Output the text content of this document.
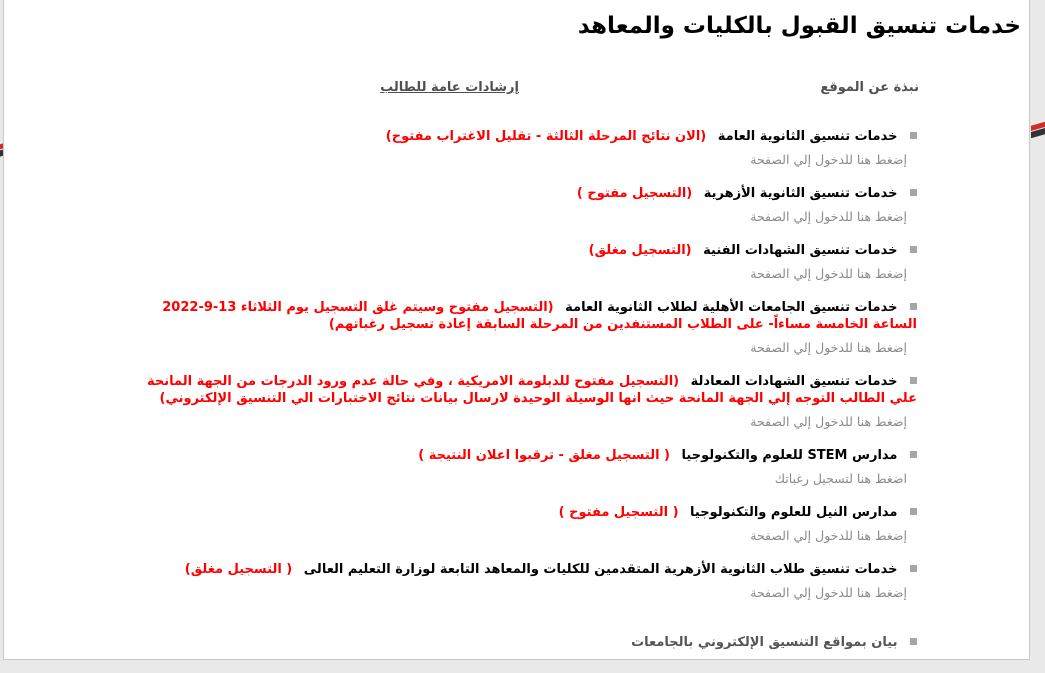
خدمات تنسيق القبول بالكليات والمعاهد
نبذة عن الموقع
إرشادات عامة للطالب
خدمات تنسيق الثانوية العامة (الان نتائج المرحلة الثالثة - تقليل الاغتراب مفتوح)
إضغط هنا للدخول إلي الصفحة
خدمات تنسيق الثانوية الأزهرية (التسجيل مفتوح )
إضغط هنا للدخول إلي الصفحة
خدمات تنسيق الشهادات الفنية (التسجيل مغلق)
إضغط هنا للدخول إلي الصفحة
خدمات تنسيق الجامعات الأهلية لطلاب الثانوية العامة (التسجيل مفتوح وسيتم غلق التسجيل يوم الثلاثاء 13-9-2022 الساعة الخامسة مساءاً- على الطلاب المستنفدين من المرحلة السابقة إعادة تسجيل رغباتهم)
إضغط هنا للدخول إلي الصفحة
خدمات تنسيق الشهادات المعادلة (التسجيل مفتوح للدبلومة الامريكية ، وفي حالة عدم ورود الدرجات من الجهة المانحة علي الطالب التوجه إلي الجهة المانحة حيث انها الوسيلة الوحيدة لارسال بيانات نتائج الاختبارات الي التنسيق الإلكتروني)
إضغط هنا للدخول إلي الصفحة
مدارس STEM للعلوم والتكنولوجيا ( التسجيل مغلق - ترقبوا اعلان النتيجة )
اضغط هنا لتسجيل رغباتك
مدارس النيل للعلوم والتكنولوجيا ( التسجيل مفتوح )
إضغط هنا للدخول إلي الصفحة
خدمات تنسيق طلاب الثانوية الأزهرية المتقدمين للكليات والمعاهد التابعة لوزارة التعليم العالى ( التسجيل مغلق)
إضغط هنا للدخول إلي الصفحة
بيان بمواقع التنسيق الإلكتروني بالجامعات
